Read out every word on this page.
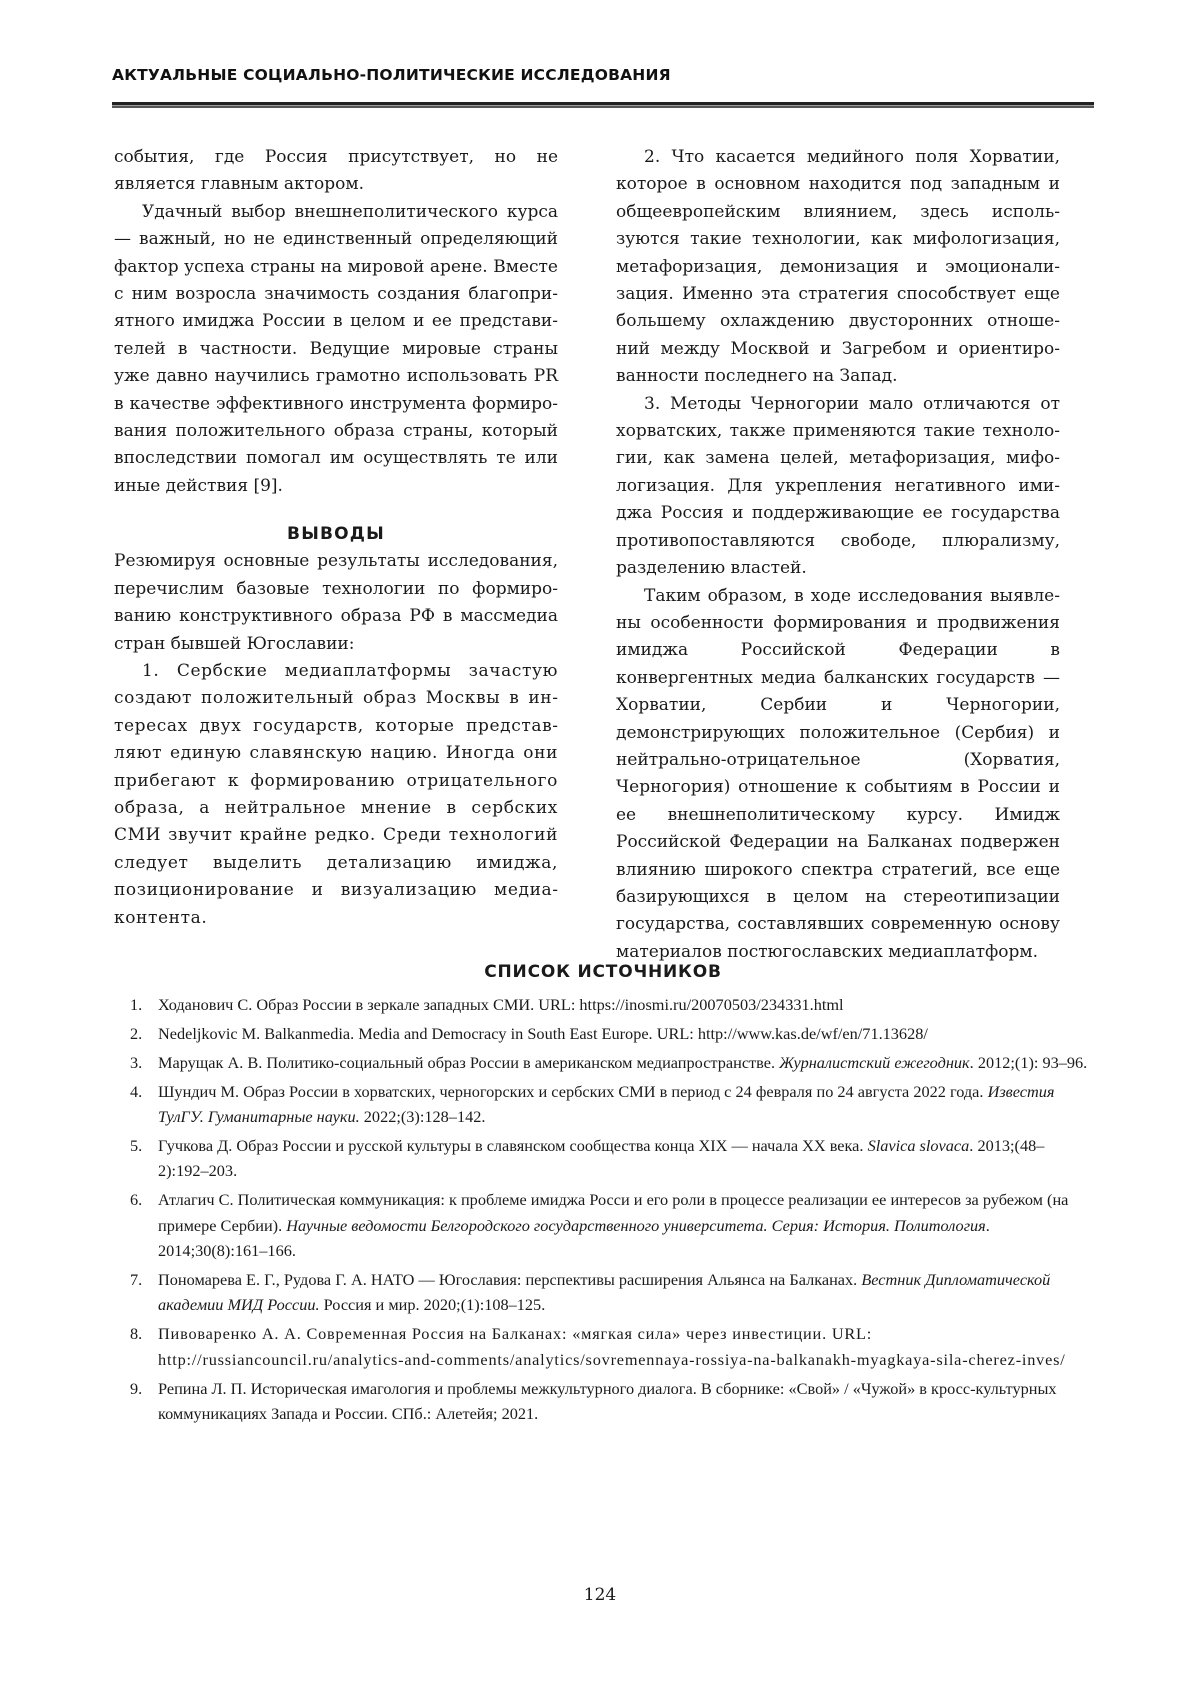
АКТУАЛЬНЫЕ СОЦИАЛЬНО-ПОЛИТИЧЕСКИЕ ИССЛЕДОВАНИЯ

события, где Россия присутствует, но не является главным актором.

Удачный выбор внешнеполитического курса — важный, но не единственный определяющий фактор успеха страны на мировой арене. Вместе с ним возросла значимость создания благоприятного имиджа России в целом и ее представителей в частности. Ведущие мировые страны уже давно научились грамотно использовать PR в качестве эффективного инструмента формирования положительного образа страны, который впоследствии помогал им осуществлять те или иные действия [9].

ВЫВОДЫ

Резюмируя основные результаты исследования, перечислим базовые технологии по формированию конструктивного образа РФ в массмедиа стран бывшей Югославии:

1. Сербские медиаплатформы зачастую создают положительный образ Москвы в интересах двух государств, которые представляют единую славянскую нацию. Иногда они прибегают к формированию отрицательного образа, а нейтральное мнение в сербских СМИ звучит крайне редко. Среди технологий следует выделить детализацию имиджа, позиционирование и визуализацию медиаконтента.

2. Что касается медийного поля Хорватии, которое в основном находится под западным и общеевропейским влиянием, здесь используются такие технологии, как мифологизация, метафоризация, демонизация и эмоционализация. Именно эта стратегия способствует еще большему охлаждению двусторонних отношений между Москвой и Загребом и ориентированности последнего на Запад.

3. Методы Черногории мало отличаются от хорватских, также применяются такие технологии, как замена целей, метафоризация, мифологизация. Для укрепления негативного имиджа Россия и поддерживающие ее государства противопоставляются свободе, плюрализму, разделению властей.

Таким образом, в ходе исследования выявлены особенности формирования и продвижения имиджа Российской Федерации в конвергентных медиа балканских государств — Хорватии, Сербии и Черногории, демонстрирующих положительное (Сербия) и нейтрально-отрицательное (Хорватия, Черногория) отношение к событиям в России и ее внешнеполитическому курсу. Имидж Российской Федерации на Балканах подвержен влиянию широкого спектра стратегий, все еще базирующихся в целом на стереотипизации государства, составлявших современную основу материалов постюгославских медиаплатформ.

СПИСОК ИСТОЧНИКОВ
1. Ходанович С. Образ России в зеркале западных СМИ. URL: https://inosmi.ru/20070503/234331.html
2. Nedeljkovic M. Balkanmedia. Media and Democracy in South East Europe. URL: http://www.kas.de/wf/en/71.13628/
3. Марущак А. В. Политико-социальный образ России в американском медиапространстве. Журналистский ежегодник. 2012;(1): 93–96.
4. Шундич М. Образ России в хорватских, черногорских и сербских СМИ в период с 24 февраля по 24 августа 2022 года. Известия ТулГУ. Гуманитарные науки. 2022;(3):128–142.
5. Гучкова Д. Образ России и русской культуры в славянском сообщества конца XIX — начала XX века. Slavica slovaca. 2013;(48–2):192–203.
6. Атлагич С. Политическая коммуникация: к проблеме имиджа Росси и его роли в процессе реализации ее интересов за рубежом (на примере Сербии). Научные ведомости Белгородского государственного университета. Серия: История. Политология. 2014;30(8):161–166.
7. Пономарева Е. Г., Рудова Г. А. НАТО — Югославия: перспективы расширения Альянса на Балканах. Вестник Дипломатической академии МИД России. Россия и мир. 2020;(1):108–125.
8. Пивоваренко А. А. Современная Россия на Балканах: «мягкая сила» через инвестиции. URL: http://russiancouncil.ru/analytics-and-comments/analytics/sovremennaya-rossiya-na-balkanakh-myagkaya-sila-cherez-inves/
9. Репина Л. П. Историческая имагология и проблемы межкультурного диалога. В сборнике: «Свой» / «Чужой» в кросс-культурных коммуникациях Запада и России. СПб.: Алетейя; 2021.
124
